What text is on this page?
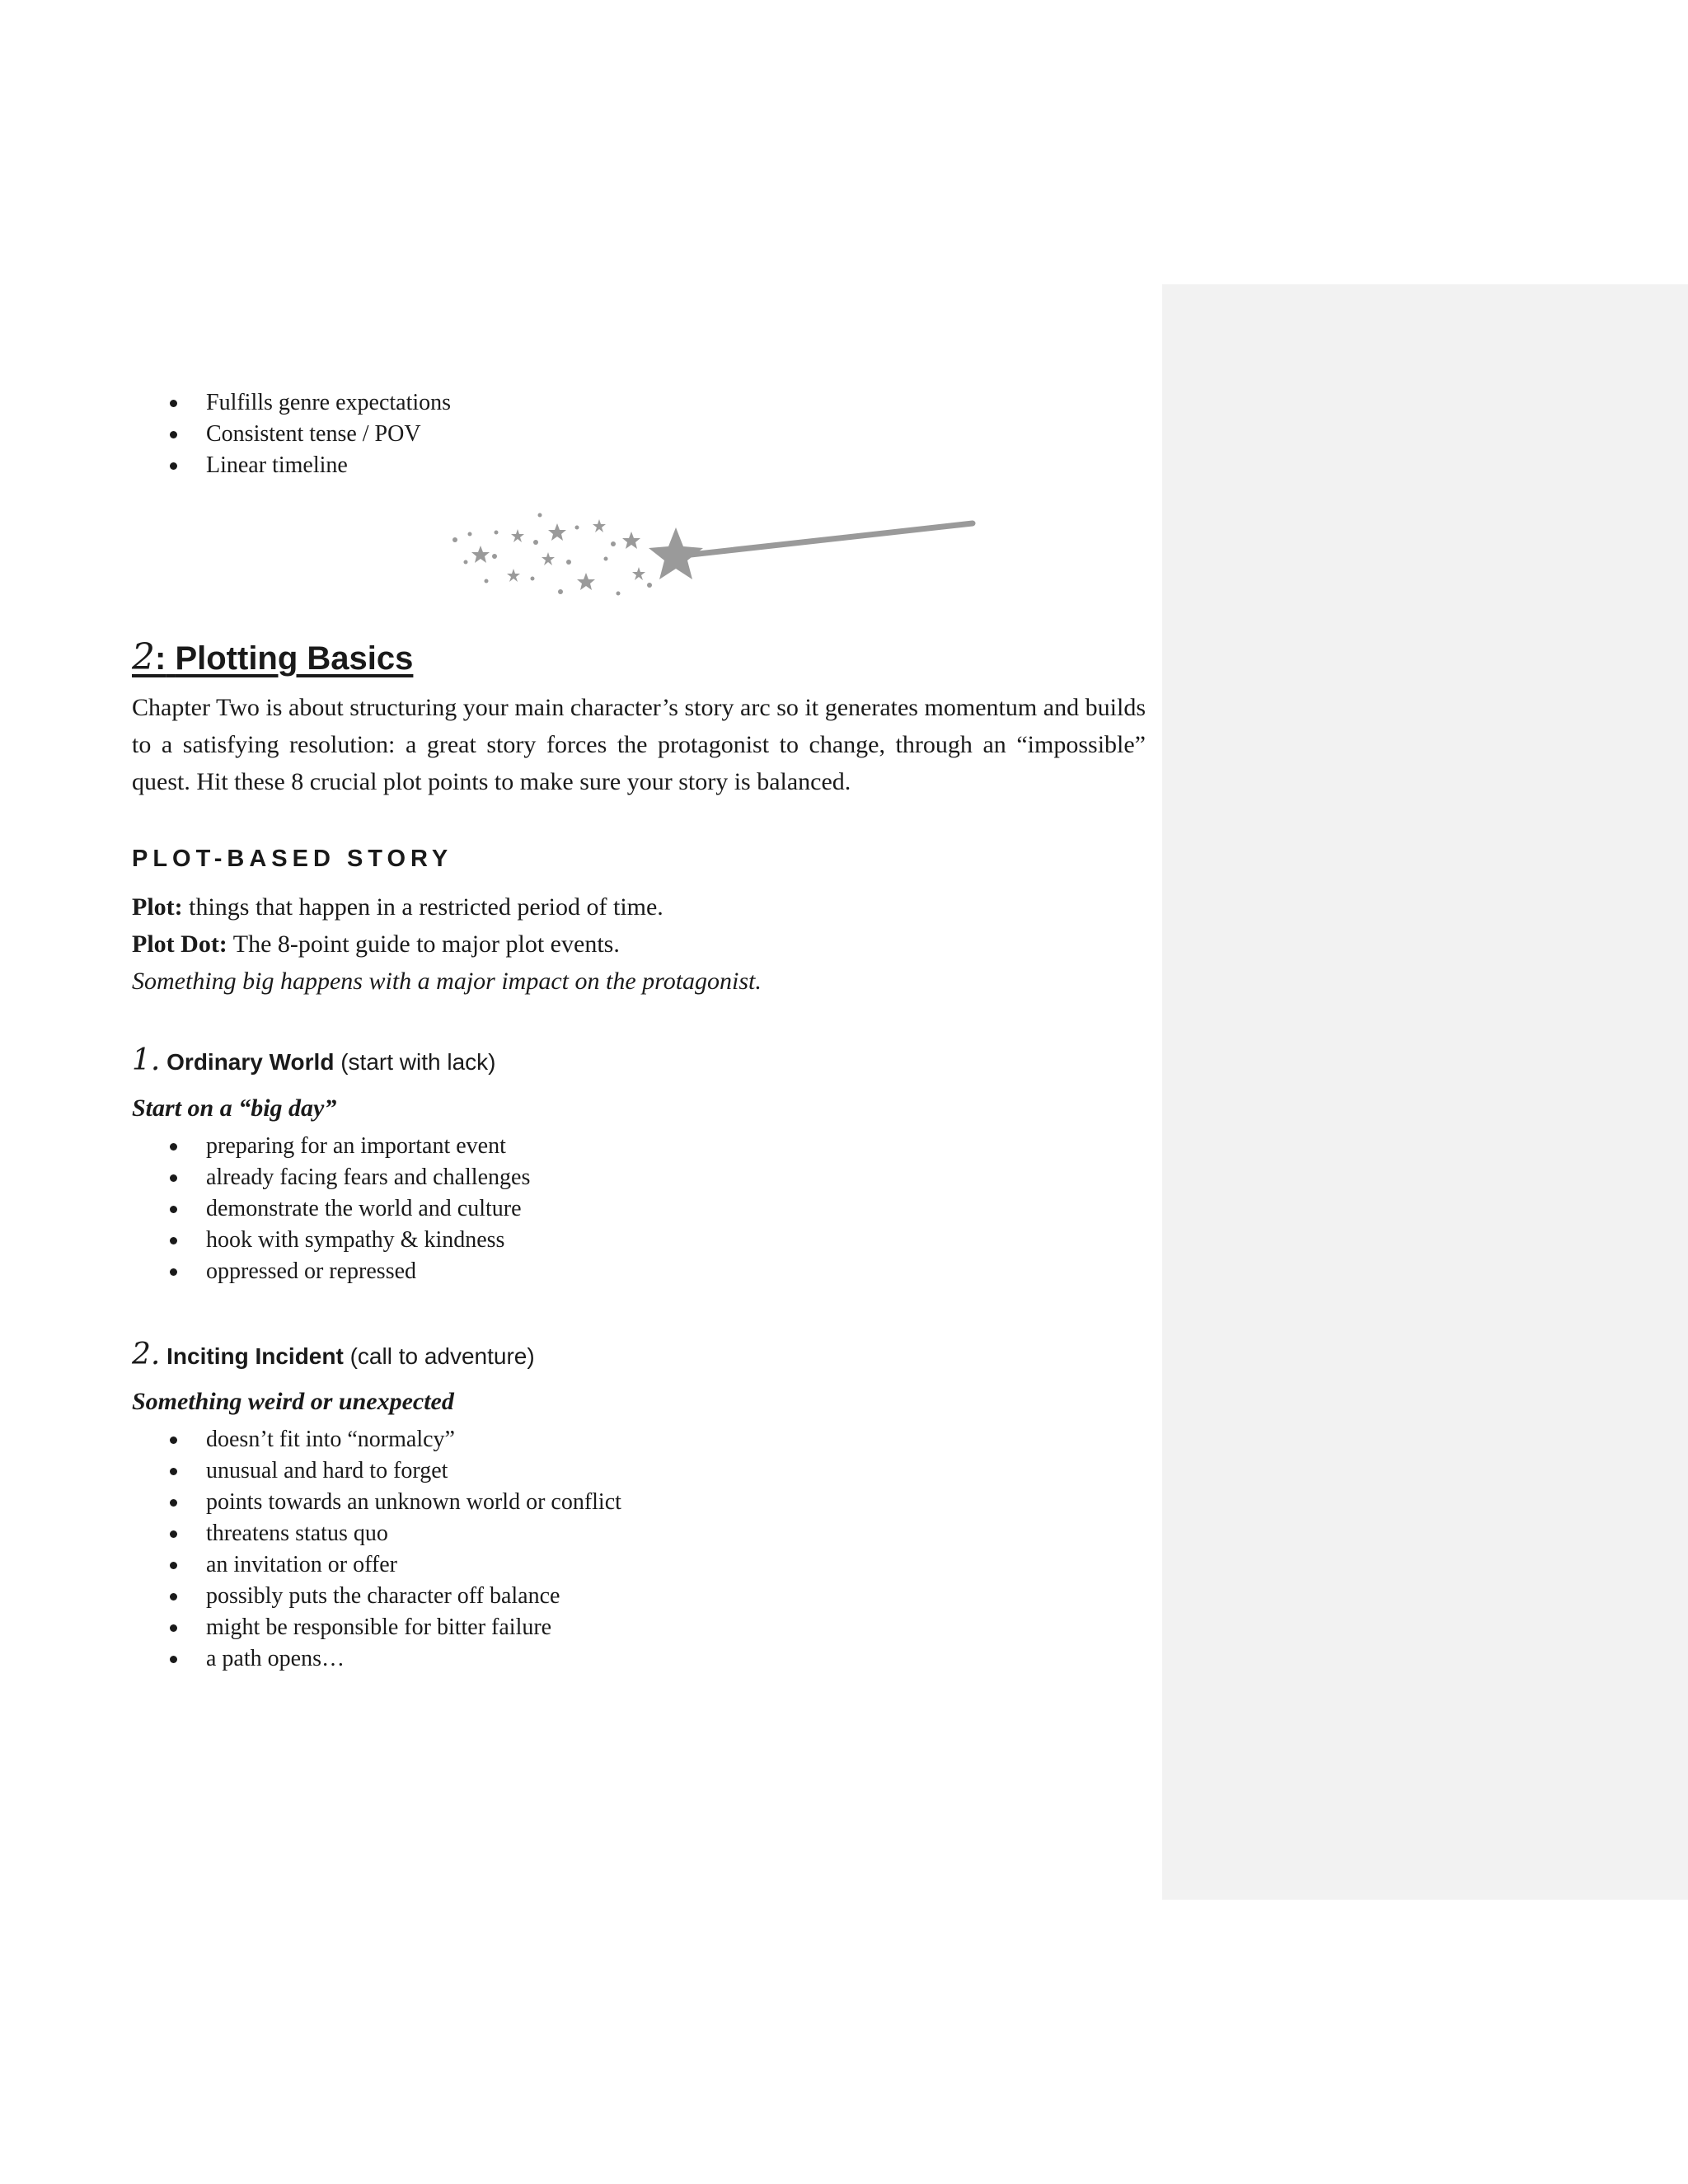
Fulfills genre expectations
Consistent tense / POV
Linear timeline
2: Plotting Basics

Chapter Two is about structuring your main character’s story arc so it generates momentum and builds to a satisfying resolution: a great story forces the protagonist to change, through an “impossible” quest. Hit these 8 crucial plot points to make sure your story is balanced.

PLOT-BASED STORY
Plot: things that happen in a restricted period of time.
Plot Dot: The 8-point guide to major plot events.
Something big happens with a major impact on the protagonist.
1. Ordinary World (start with lack)
Start on a “big day”
preparing for an important event
already facing fears and challenges
demonstrate the world and culture
hook with sympathy & kindness
oppressed or repressed
2. Inciting Incident (call to adventure)
Something weird or unexpected
doesn’t fit into “normalcy”
unusual and hard to forget
points towards an unknown world or conflict
threatens status quo
an invitation or offer
possibly puts the character off balance
might be responsible for bitter failure
a path opens…
